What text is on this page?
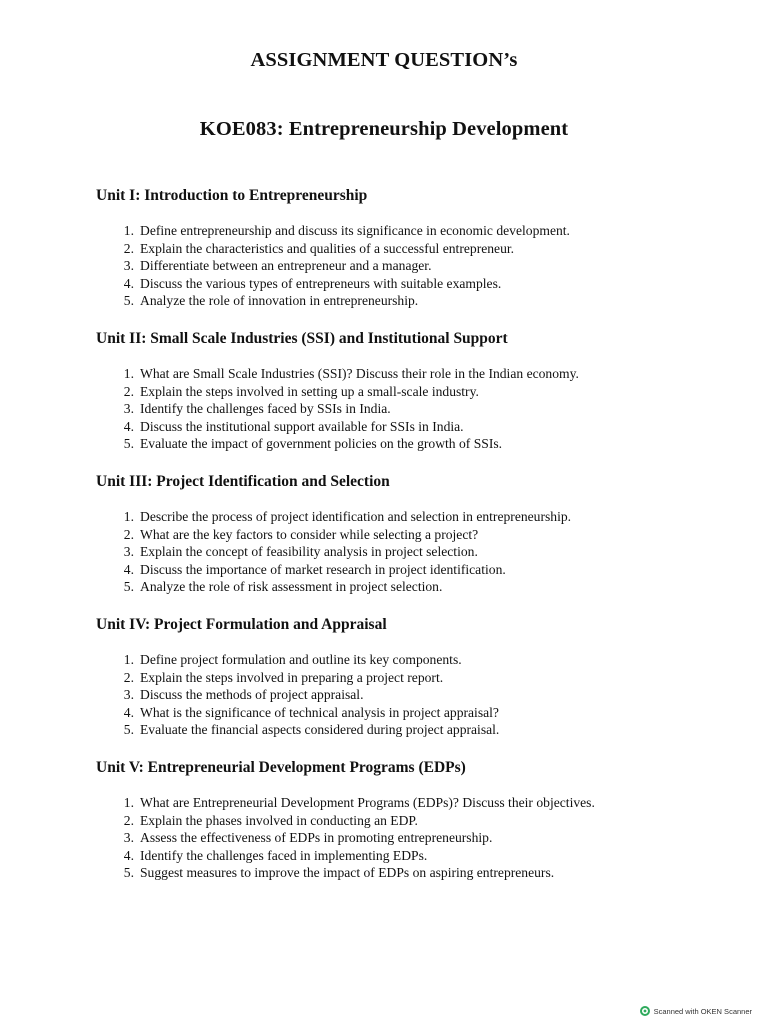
ASSIGNMENT QUESTION’s
KOE083: Entrepreneurship Development
Unit I: Introduction to Entrepreneurship
1. Define entrepreneurship and discuss its significance in economic development.
2. Explain the characteristics and qualities of a successful entrepreneur.
3. Differentiate between an entrepreneur and a manager.
4. Discuss the various types of entrepreneurs with suitable examples.
5. Analyze the role of innovation in entrepreneurship.
Unit II: Small Scale Industries (SSI) and Institutional Support
1. What are Small Scale Industries (SSI)? Discuss their role in the Indian economy.
2. Explain the steps involved in setting up a small-scale industry.
3. Identify the challenges faced by SSIs in India.
4. Discuss the institutional support available for SSIs in India.
5. Evaluate the impact of government policies on the growth of SSIs.
Unit III: Project Identification and Selection
1. Describe the process of project identification and selection in entrepreneurship.
2. What are the key factors to consider while selecting a project?
3. Explain the concept of feasibility analysis in project selection.
4. Discuss the importance of market research in project identification.
5. Analyze the role of risk assessment in project selection.
Unit IV: Project Formulation and Appraisal
1. Define project formulation and outline its key components.
2. Explain the steps involved in preparing a project report.
3. Discuss the methods of project appraisal.
4. What is the significance of technical analysis in project appraisal?
5. Evaluate the financial aspects considered during project appraisal.
Unit V: Entrepreneurial Development Programs (EDPs)
1. What are Entrepreneurial Development Programs (EDPs)? Discuss their objectives.
2. Explain the phases involved in conducting an EDP.
3. Assess the effectiveness of EDPs in promoting entrepreneurship.
4. Identify the challenges faced in implementing EDPs.
5. Suggest measures to improve the impact of EDPs on aspiring entrepreneurs.
Scanned with OKEN Scanner
